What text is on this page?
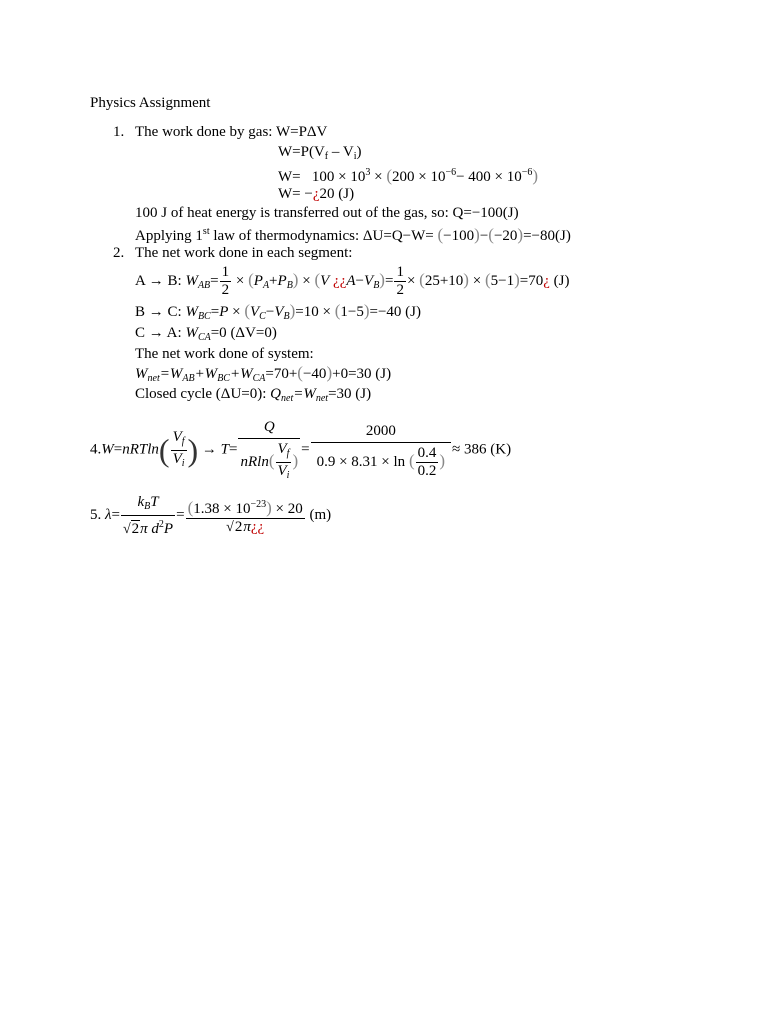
Physics Assignment
1. The work done by gas: W=PΔV
$W=P(V_f - V_i)$
$W= 100 \times 10^3 \times (200 \times 10^{-6}- 400 \times 10^{-6})$
W= −¿20 (J)
100 J of heat energy is transferred out of the gas, so: Q=−100(J)
Applying 1st law of thermodynamics: ΔU=Q−W= (−100)−(−20)=−80(J)
2. The net work done in each segment:
A → B: $W_{AB}= \frac{1}{2} \times (P_A+P_B) \times (V$ ¿¿$A-V_B)= \frac{1}{2} \times (25+10)$ × (5−1)=70¿ (J)
B → C: $W_{BC}=P \times (V_C-V_B)=10 \times (1-5)=-40$ (J)
C → A: $W_{CA}=0$ (ΔV=0)
The net work done of system:
$W_{net}=W_{AB}+W_{BC}+W_{CA}=70+(-40)+0=30$ (J)
Closed cycle (ΔU=0): $Q_{net}=W_{net}=30$ (J)
$4.W=nRTln( \frac{V_f}{V_i}$ ) → $T= \frac{Q}{nRln( \frac{V_f}{V_i} )} = \frac{2000}{0.9 \times 8.31 \times \ln ( \frac{0.4}{0.2} )} \approx 386$ (K)
5. $\lambda= \frac{k_BT}{√2\pi d^2P} = \frac{(1.38 \times 10^{-23}) \times 20}{√2\pi¿¿} (m)$
